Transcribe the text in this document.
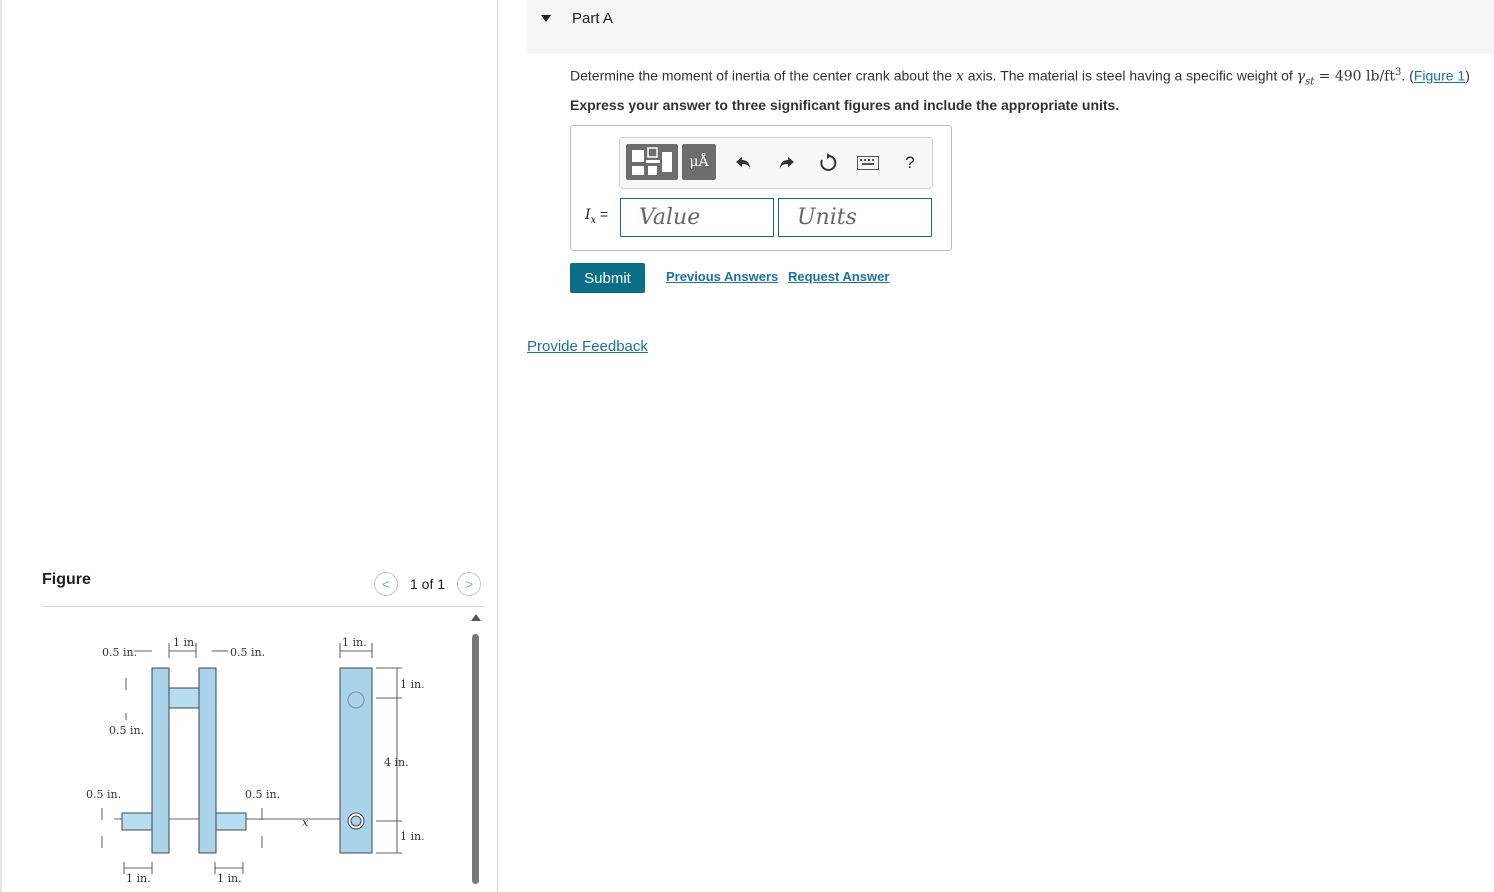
Figure	<	1 of 1	>
0.5 in.
1 in.
0.5 in.
0.5 in.
0.5 in.	0.5 in.
1 in.	1 in.
1 in.
1 in.
4 in.
1 in.
x
Part A
Determine the moment of inertia of the center crank about the x axis. The material is steel having a specific weight of $\gamma_{st} = 490$ $lb/ft^3$. (Figure 1)
Express your answer to three significant figures and include the appropriate units.
μÅ	?
$I_x$ =	Value	Units
Submit	Previous Answers Request Answer
Provide Feedback
